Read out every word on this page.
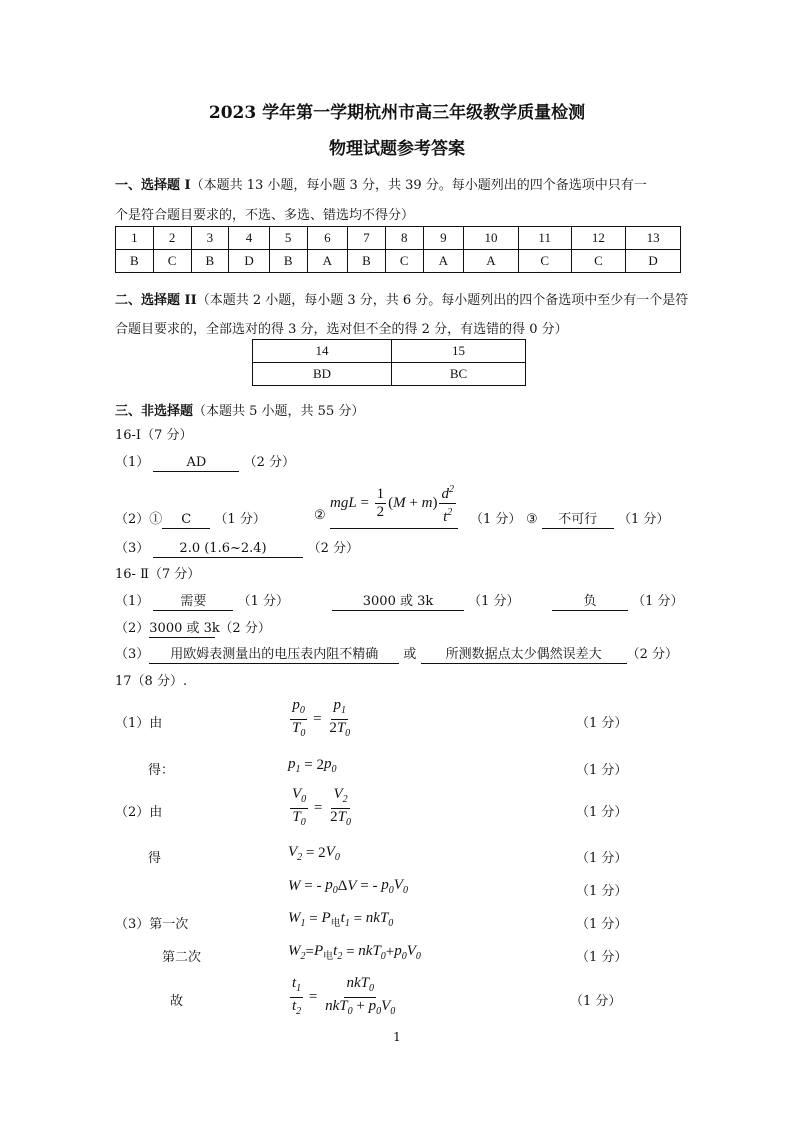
2023 学年第一学期杭州市高三年级教学质量检测
物理试题参考答案
一、选择题 I（本题共 13 小题，每小题 3 分，共 39 分。每小题列出的四个备选项中只有一
个是符合题目要求的，不选、多选、错选均不得分）
1	2	3	4	5	6	7	8	9	10	11	12	13
B	C	B	D	B	A	B	C	A	A	C	C	D
二、选择题 II（本题共 2 小题，每小题 3 分，共 6 分。每小题列出的四个备选项中至少有一个是符
合题目要求的，全部选对的得 3 分，选对但不全的得 2 分，有选错的得 0 分）
14	15
BD	BC
三、非选择题（本题共 5 小题，共 55 分）
16-Ⅰ（7 分）
（1）	AD	（2 分）
（2）① C （1 分）	②
mgL = $\frac{1}{2}$ ( M + m ) $\frac{d^2}{t^2} (1$ 分） ③ 不可行 （1 分）
（3） 2.0 (1.6~2.4)	（2 分）
16- Ⅱ（7 分）
（1） 需要 （1 分）	3000 或 3k	（1 分）	负	（1 分）
（2）3000 或 3k （2 分）
（3） 用欧姆表测量出的电压表内阻不精确 或 所测数据点太少偶然误差大 （2 分）
17（8 分）.
（1）由	$\frac{p_0}{T_0} = \frac{p_1}{2T_0}$	（1 分）
得：	$p_1 = 2$ $p_0$	（1 分）
（2）由	$\frac{V_0}{T_0} = \frac{V_2}{2T_0}$	（1 分）
得	$V_2 = 2$ $V_0$	（1 分）
W = - $p_0$ Δ V = - $p_0V_0$	（1 分）
（3）第一次	$W_1 = P_电t_1 = nkT_0$	（1 分）
第二次	$W_2 = P_电t_2 = nkT_0 + p_0V_0$	（1 分）
故	$\frac{t_1}{t_2} = \frac{nkT_0}{nkT_0 + p_0V_0}$	（1 分）
1
